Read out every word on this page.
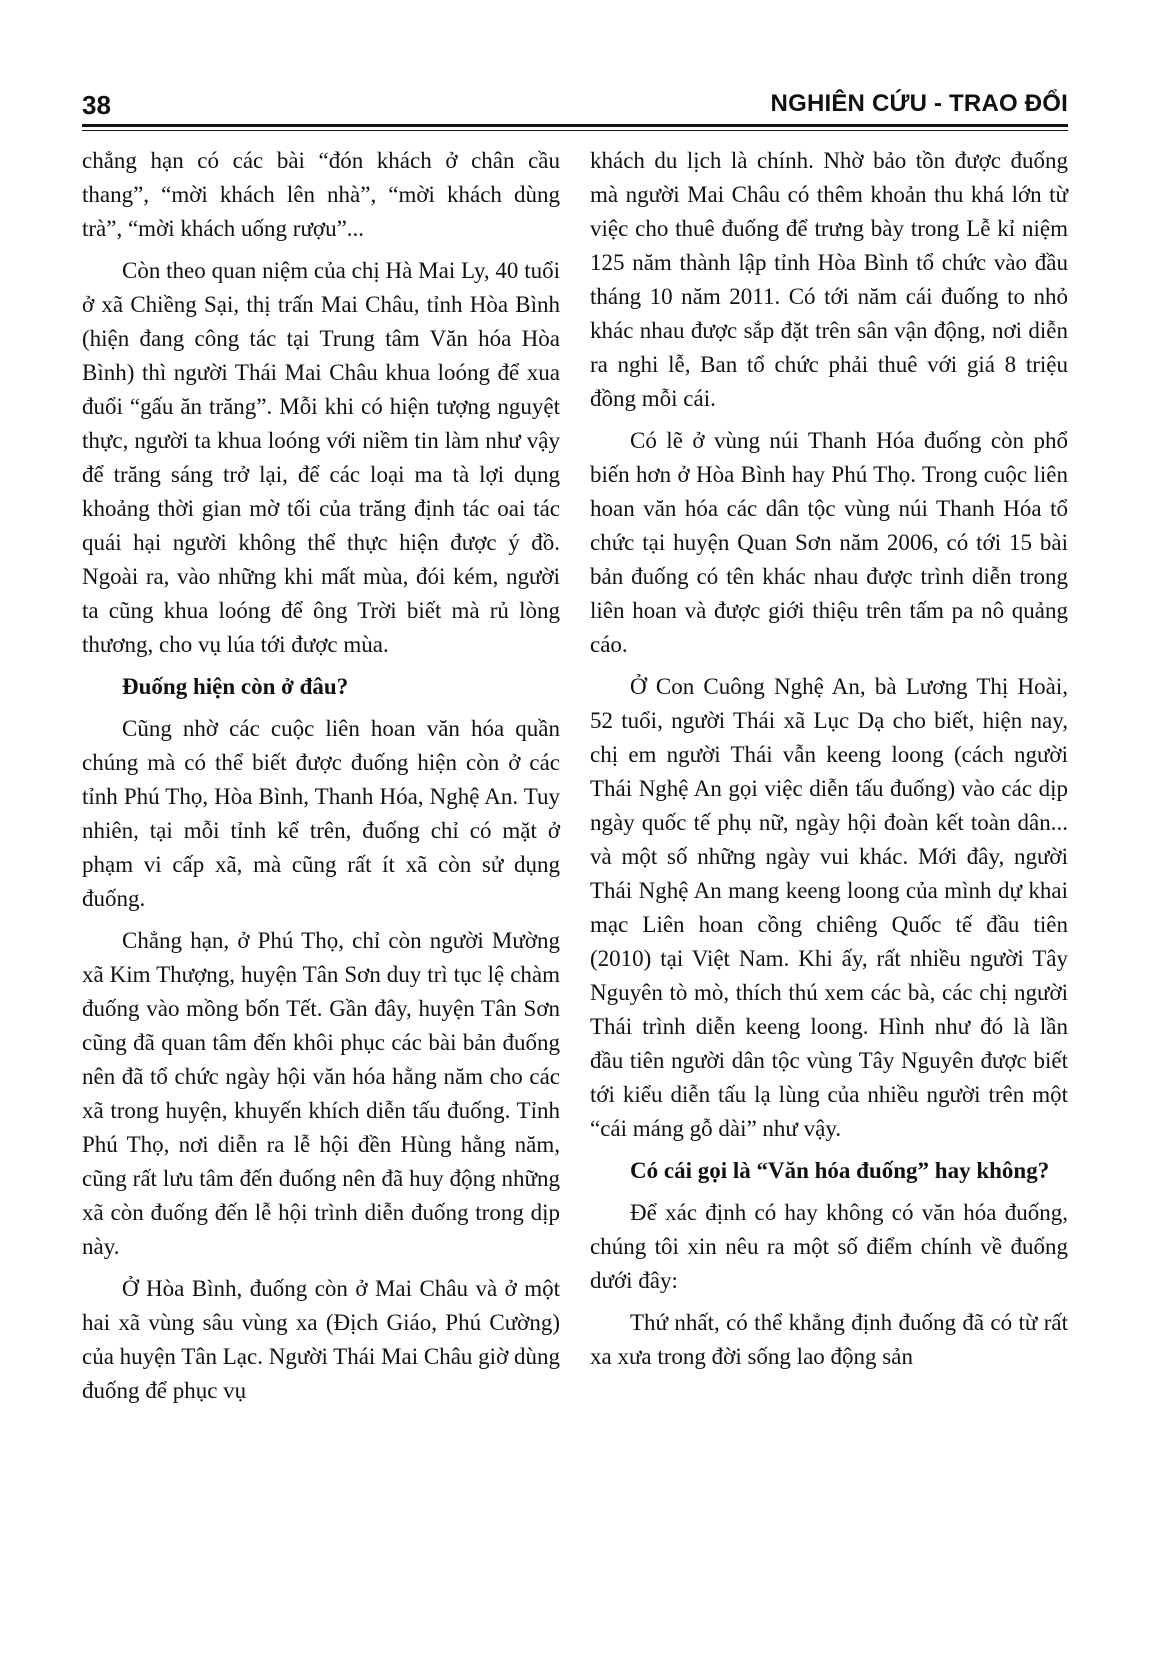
38	NGHIÊN CỨU - TRAO ĐỔI

chẳng hạn có các bài “đón khách ở chân cầu thang”, “mời khách lên nhà”, “mời khách dùng trà”, “mời khách uống rượu”...

Còn theo quan niệm của chị Hà Mai Ly, 40 tuổi ở xã Chiềng Sại, thị trấn Mai Châu, tỉnh Hòa Bình (hiện đang công tác tại Trung tâm Văn hóa Hòa Bình) thì người Thái Mai Châu khua loóng để xua đuổi “gấu ăn trăng”. Mỗi khi có hiện tượng nguyệt thực, người ta khua loóng với niềm tin làm như vậy để trăng sáng trở lại, để các loại ma tà lợi dụng khoảng thời gian mờ tối của trăng định tác oai tác quái hại người không thể thực hiện được ý đồ. Ngoài ra, vào những khi mất mùa, đói kém, người ta cũng khua loóng để ông Trời biết mà rủ lòng thương, cho vụ lúa tới được mùa.

Đuống hiện còn ở đâu?

Cũng nhờ các cuộc liên hoan văn hóa quần chúng mà có thể biết được đuống hiện còn ở các tỉnh Phú Thọ, Hòa Bình, Thanh Hóa, Nghệ An. Tuy nhiên, tại mỗi tỉnh kể trên, đuống chỉ có mặt ở phạm vi cấp xã, mà cũng rất ít xã còn sử dụng đuống.

Chẳng hạn, ở Phú Thọ, chỉ còn người Mường xã Kim Thượng, huyện Tân Sơn duy trì tục lệ chàm đuống vào mồng bốn Tết. Gần đây, huyện Tân Sơn cũng đã quan tâm đến khôi phục các bài bản đuống nên đã tổ chức ngày hội văn hóa hằng năm cho các xã trong huyện, khuyến khích diễn tấu đuống. Tỉnh Phú Thọ, nơi diễn ra lễ hội đền Hùng hằng năm, cũng rất lưu tâm đến đuống nên đã huy động những xã còn đuống đến lễ hội trình diễn đuống trong dịp này.

Ở Hòa Bình, đuống còn ở Mai Châu và ở một hai xã vùng sâu vùng xa (Địch Giáo, Phú Cường) của huyện Tân Lạc. Người Thái Mai Châu giờ dùng đuống để phục vụ

khách du lịch là chính. Nhờ bảo tồn được đuống mà người Mai Châu có thêm khoản thu khá lớn từ việc cho thuê đuống để trưng bày trong Lễ kỉ niệm 125 năm thành lập tỉnh Hòa Bình tổ chức vào đầu tháng 10 năm 2011. Có tới năm cái đuống to nhỏ khác nhau được sắp đặt trên sân vận động, nơi diễn ra nghi lễ, Ban tổ chức phải thuê với giá 8 triệu đồng mỗi cái.

Có lẽ ở vùng núi Thanh Hóa đuống còn phổ biến hơn ở Hòa Bình hay Phú Thọ. Trong cuộc liên hoan văn hóa các dân tộc vùng núi Thanh Hóa tổ chức tại huyện Quan Sơn năm 2006, có tới 15 bài bản đuống có tên khác nhau được trình diễn trong liên hoan và được giới thiệu trên tấm pa nô quảng cáo.

Ở Con Cuông Nghệ An, bà Lương Thị Hoài, 52 tuổi, người Thái xã Lục Dạ cho biết, hiện nay, chị em người Thái vẫn keeng loong (cách người Thái Nghệ An gọi việc diễn tấu đuống) vào các dịp ngày quốc tế phụ nữ, ngày hội đoàn kết toàn dân... và một số những ngày vui khác. Mới đây, người Thái Nghệ An mang keeng loong của mình dự khai mạc Liên hoan cồng chiêng Quốc tế đầu tiên (2010) tại Việt Nam. Khi ấy, rất nhiều người Tây Nguyên tò mò, thích thú xem các bà, các chị người Thái trình diễn keeng loong. Hình như đó là lần đầu tiên người dân tộc vùng Tây Nguyên được biết tới kiểu diễn tấu lạ lùng của nhiều người trên một “cái máng gỗ dài” như vậy.

Có cái gọi là “Văn hóa đuống” hay không?

Để xác định có hay không có văn hóa đuống, chúng tôi xin nêu ra một số điểm chính về đuống dưới đây:

Thứ nhất, có thể khẳng định đuống đã có từ rất xa xưa trong đời sống lao động sản
